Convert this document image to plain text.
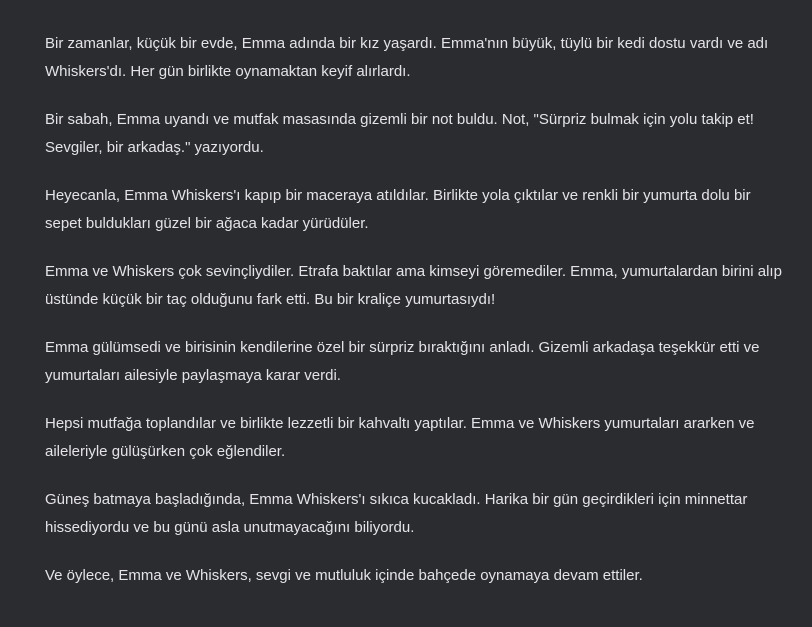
Bir zamanlar, küçük bir evde, Emma adında bir kız yaşardı. Emma'nın büyük, tüylü bir kedi dostu vardı ve adı Whiskers'dı. Her gün birlikte oynamaktan keyif alırlardı.

Bir sabah, Emma uyandı ve mutfak masasında gizemli bir not buldu. Not, "Sürpriz bulmak için yolu takip et! Sevgiler, bir arkadaş." yazıyordu.

Heyecanla, Emma Whiskers'ı kapıp bir maceraya atıldılar. Birlikte yola çıktılar ve renkli bir yumurta dolu bir sepet buldukları güzel bir ağaca kadar yürüdüler.

Emma ve Whiskers çok sevinçliydiler. Etrafa baktılar ama kimseyi göremediler. Emma, yumurtalardan birini alıp üstünde küçük bir taç olduğunu fark etti. Bu bir kraliçe yumurtasıydı!

Emma gülümsedi ve birisinin kendilerine özel bir sürpriz bıraktığını anladı. Gizemli arkadaşa teşekkür etti ve yumurtaları ailesiyle paylaşmaya karar verdi.

Hepsi mutfağa toplandılar ve birlikte lezzetli bir kahvaltı yaptılar. Emma ve Whiskers yumurtaları ararken ve aileleriyle gülüşürken çok eğlendiler.

Güneş batmaya başladığında, Emma Whiskers'ı sıkıca kucakladı. Harika bir gün geçirdikleri için minnettar hissediyordu ve bu günü asla unutmayacağını biliyordu.

Ve öylece, Emma ve Whiskers, sevgi ve mutluluk içinde bahçede oynamaya devam ettiler.
